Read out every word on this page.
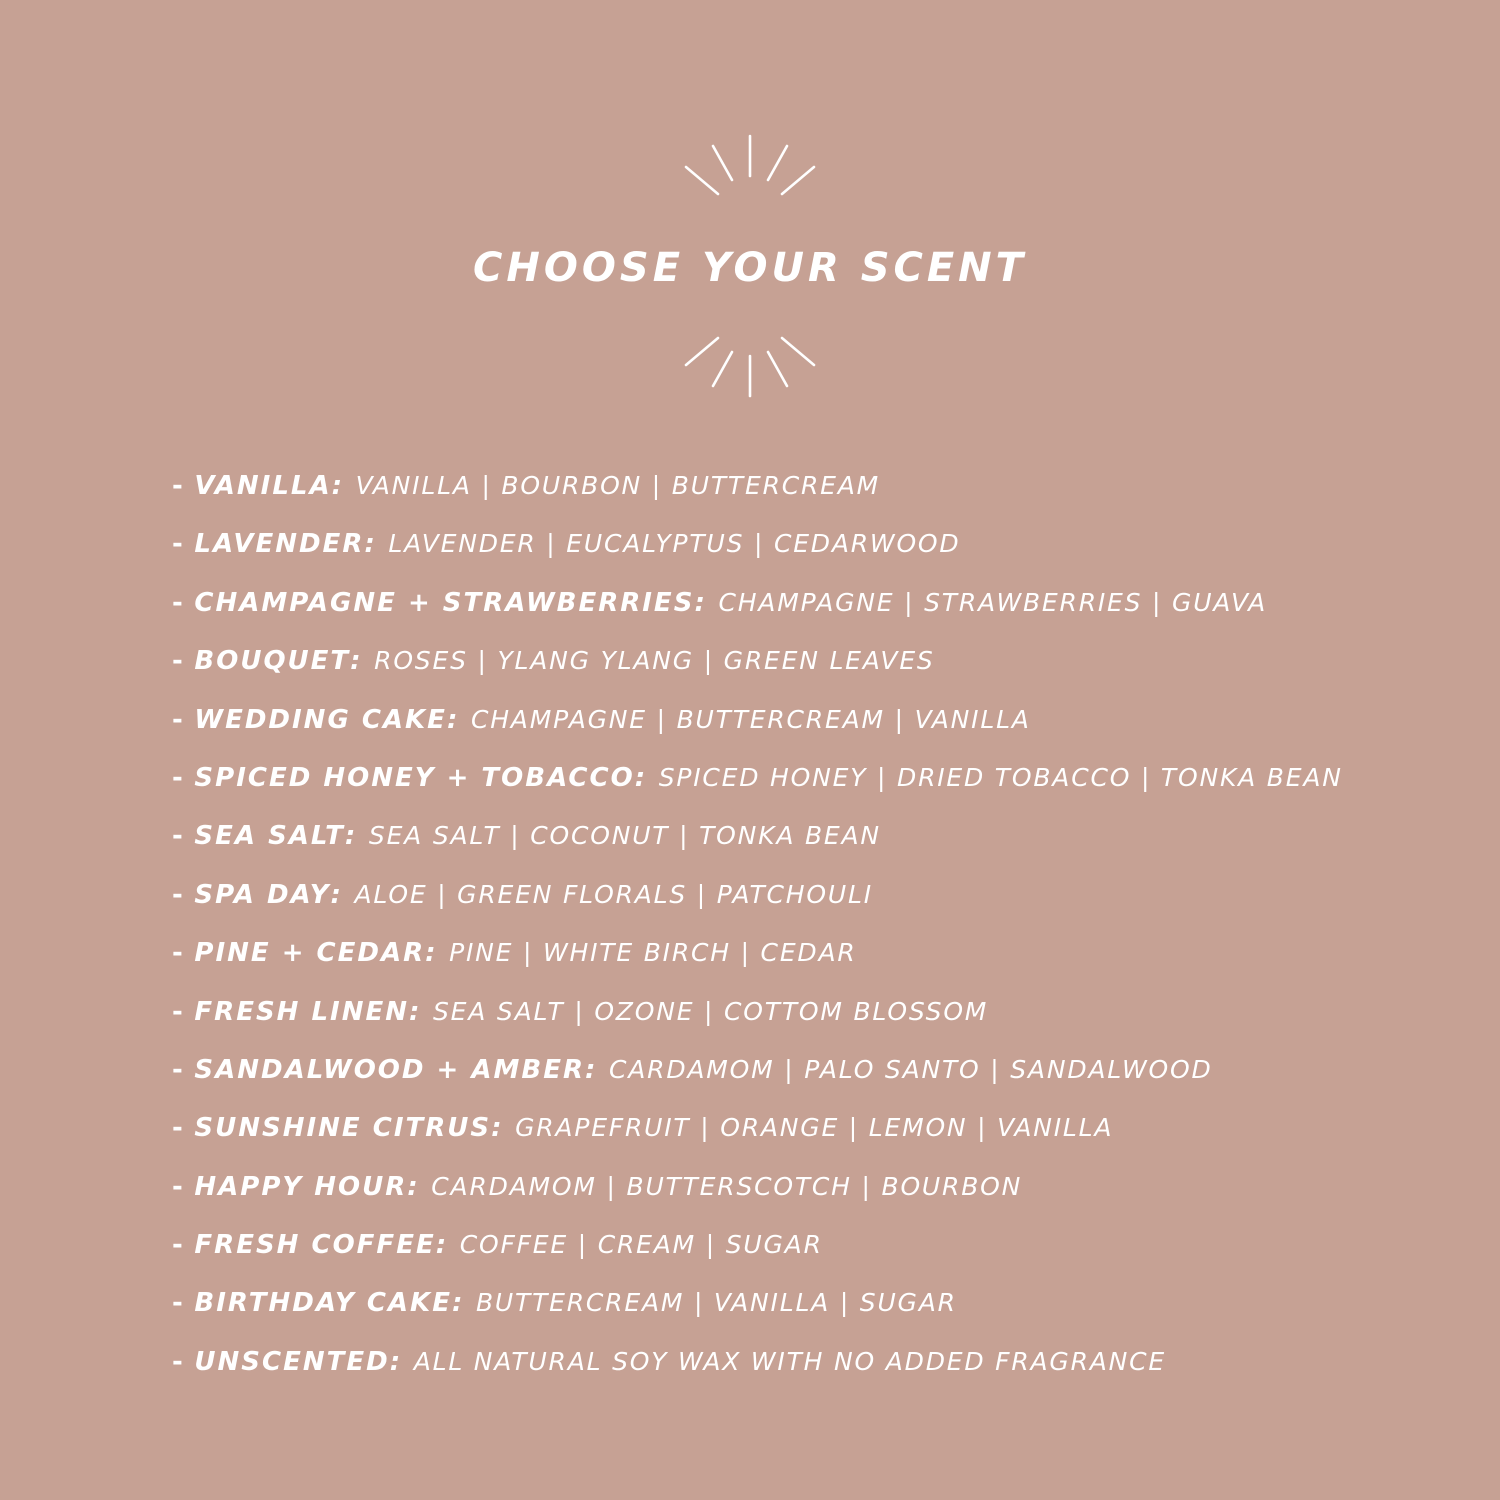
CHOOSE YOUR SCENT
- VANILLA: VANILLA | BOURBON | BUTTERCREAM
- LAVENDER: LAVENDER | EUCALYPTUS | CEDARWOOD
- CHAMPAGNE + STRAWBERRIES: CHAMPAGNE | STRAWBERRIES | GUAVA
- BOUQUET: ROSES | YLANG YLANG | GREEN LEAVES
- WEDDING CAKE: CHAMPAGNE | BUTTERCREAM | VANILLA
- SPICED HONEY + TOBACCO: SPICED HONEY | DRIED TOBACCO | TONKA BEAN
- SEA SALT: SEA SALT | COCONUT | TONKA BEAN
- SPA DAY: ALOE | GREEN FLORALS | PATCHOULI
- PINE + CEDAR: PINE | WHITE BIRCH | CEDAR
- FRESH LINEN: SEA SALT | OZONE | COTTOM BLOSSOM
- SANDALWOOD + AMBER: CARDAMOM | PALO SANTO | SANDALWOOD
- SUNSHINE CITRUS: GRAPEFRUIT | ORANGE | LEMON | VANILLA
- HAPPY HOUR: CARDAMOM | BUTTERSCOTCH | BOURBON
- FRESH COFFEE: COFFEE | CREAM | SUGAR
- BIRTHDAY CAKE: BUTTERCREAM | VANILLA | SUGAR
- UNSCENTED: ALL NATURAL SOY WAX WITH NO ADDED FRAGRANCE
